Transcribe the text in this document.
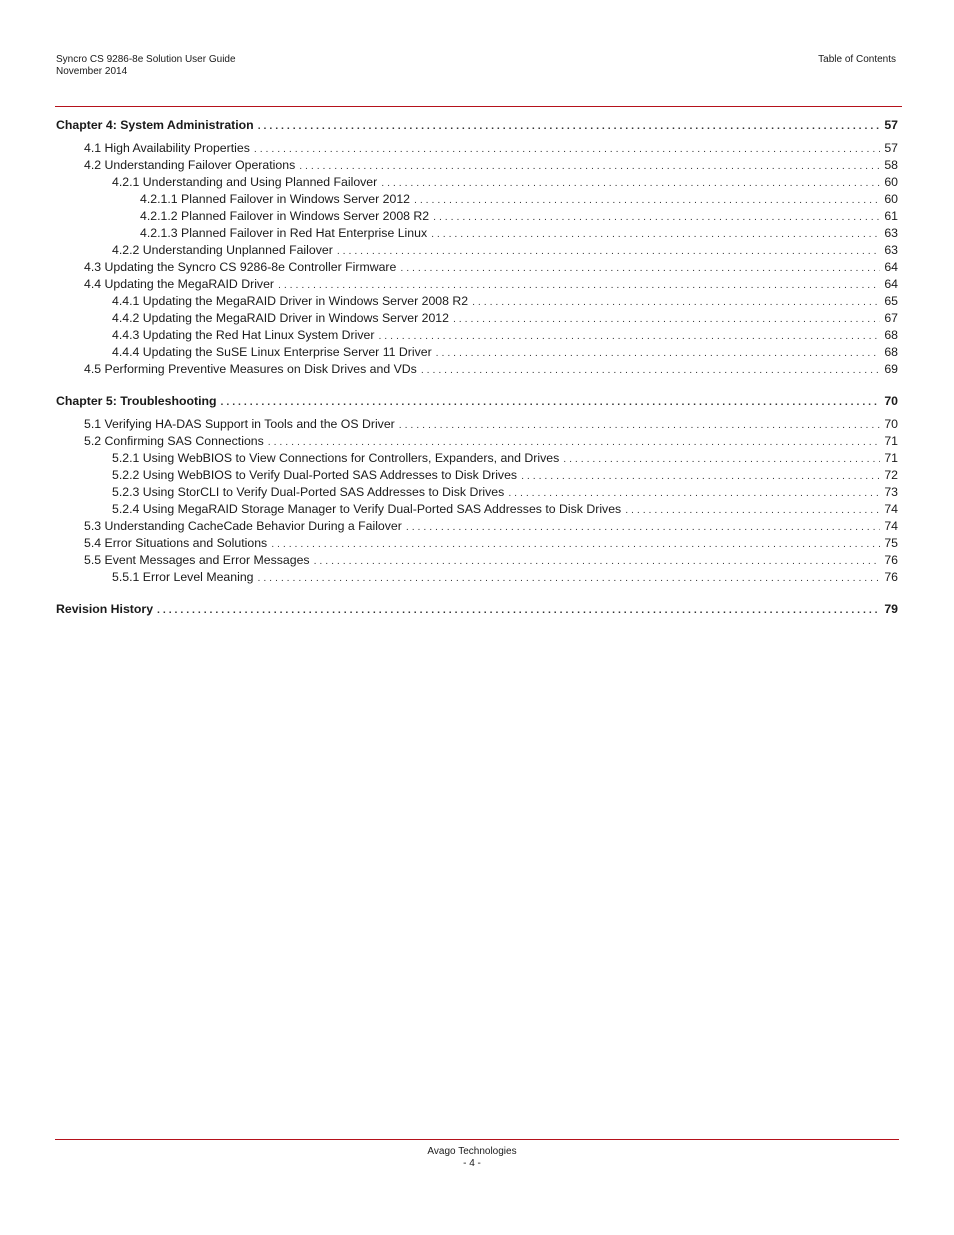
Syncro CS 9286-8e Solution User Guide
November 2014
Table of Contents
Chapter 4: System Administration . . .	57
4.1 High Availability Properties . . .	57
4.2 Understanding Failover Operations . . .	58
4.2.1 Understanding and Using Planned Failover . . .	60
4.2.1.1 Planned Failover in Windows Server 2012 . . .	60
4.2.1.2 Planned Failover in Windows Server 2008 R2 . . .	61
4.2.1.3 Planned Failover in Red Hat Enterprise Linux . . .	63
4.2.2 Understanding Unplanned Failover . . .	63
4.3 Updating the Syncro CS 9286-8e Controller Firmware . . .	64
4.4 Updating the MegaRAID Driver . . .	64
4.4.1 Updating the MegaRAID Driver in Windows Server 2008 R2 . . .	65
4.4.2 Updating the MegaRAID Driver in Windows Server 2012 . . .	67
4.4.3 Updating the Red Hat Linux System Driver . . .	68
4.4.4 Updating the SuSE Linux Enterprise Server 11 Driver . . .	68
4.5 Performing Preventive Measures on Disk Drives and VDs . . .	69
Chapter 5: Troubleshooting . . .	70
5.1 Verifying HA-DAS Support in Tools and the OS Driver . . .	70
5.2 Confirming SAS Connections . . .	71
5.2.1 Using WebBIOS to View Connections for Controllers, Expanders, and Drives . . .	71
5.2.2 Using WebBIOS to Verify Dual-Ported SAS Addresses to Disk Drives . . .	72
5.2.3 Using StorCLI to Verify Dual-Ported SAS Addresses to Disk Drives . . .	73
5.2.4 Using MegaRAID Storage Manager to Verify Dual-Ported SAS Addresses to Disk Drives . . .	74
5.3 Understanding CacheCade Behavior During a Failover . . .	74
5.4 Error Situations and Solutions . . .	75
5.5 Event Messages and Error Messages . . .	76
5.5.1 Error Level Meaning . . .	76
Revision History . . .	79
Avago Technologies
- 4 -
